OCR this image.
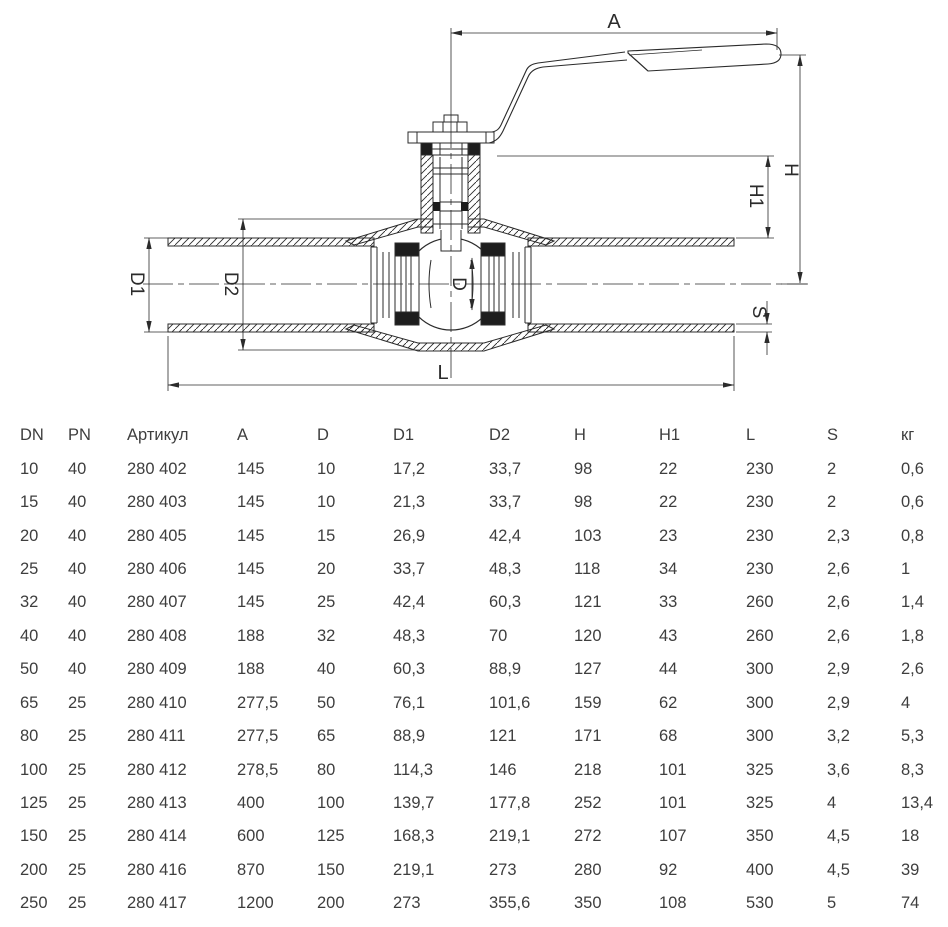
A
H
H1
S
D1	D2	D
L
DN	PN	Артикул	A	D	D1	D2	H	H1	L	S	кг
10	40	280 402	145	10	17,2	33,7	98	22	230	2	0,6
15	40	280 403	145	10	21,3	33,7	98	22	230	2	0,6
20	40	280 405	145	15	26,9	42,4	103	23	230	2,3	0,8
25	40	280 406	145	20	33,7	48,3	118	34	230	2,6	1
32	40	280 407	145	25	42,4	60,3	121	33	260	2,6	1,4
40	40	280 408	188	32	48,3	70	120	43	260	2,6	1,8
50	40	280 409	188	40	60,3	88,9	127	44	300	2,9	2,6
65	25	280 410	277,5	50	76,1	101,6	159	62	300	2,9	4
80	25	280 411	277,5	65	88,9	121	171	68	300	3,2	5,3
100	25	280 412	278,5	80	114,3	146	218	101	325	3,6	8,3
125	25	280 413	400	100	139,7	177,8	252	101	325	4	13,4
150	25	280 414	600	125	168,3	219,1	272	107	350	4,5	18
200	25	280 416	870	150	219,1	273	280	92	400	4,5	39
250	25	280 417	1200	200	273	355,6	350	108	530	5	74
